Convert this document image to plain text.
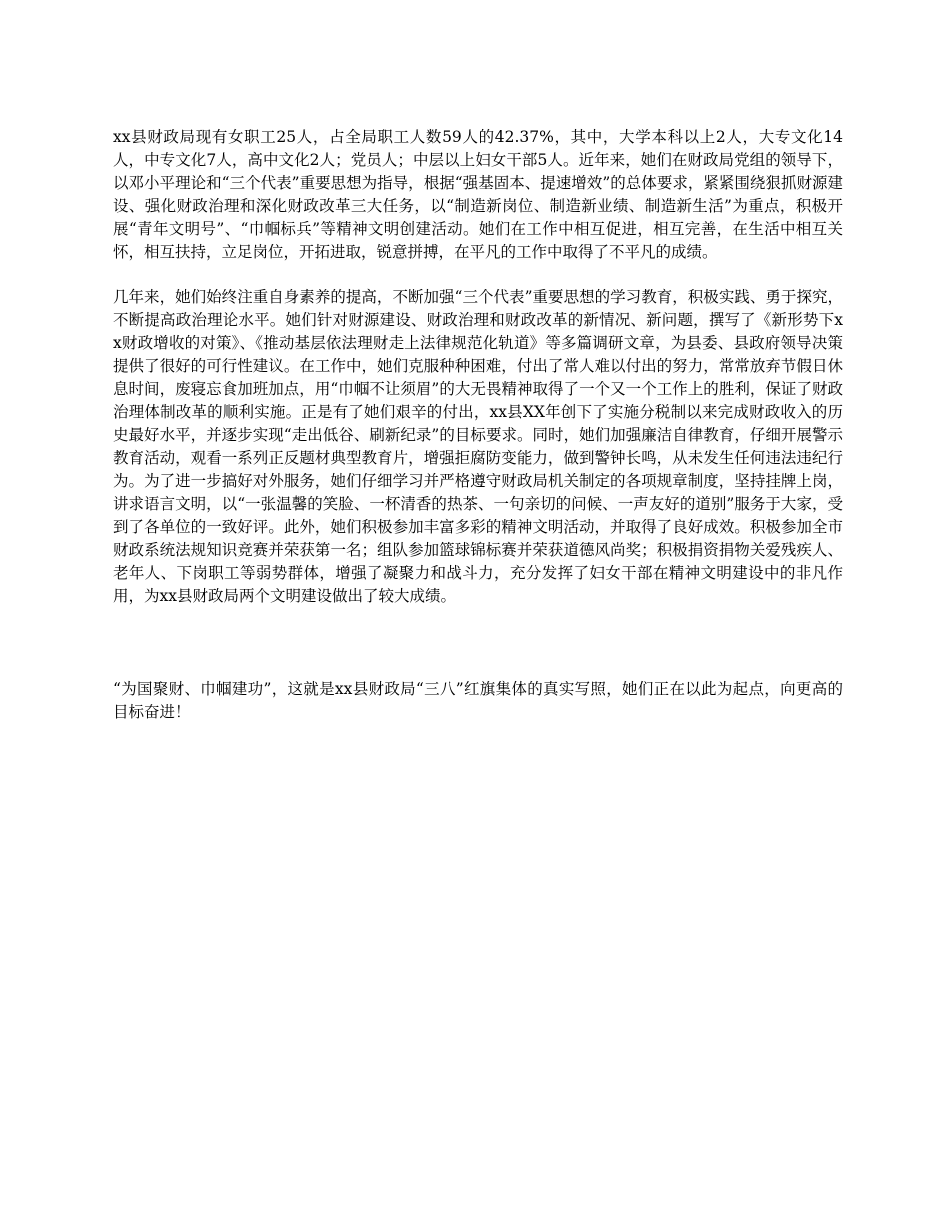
xx县财政局现有女职工25人，占全局职工人数59人的42.37%，其中，大学本科以上2人，大专文化14人，中专文化7人，高中文化2人；党员人；中层以上妇女干部5人。近年来，她们在财政局党组的领导下，以邓小平理论和“三个代表”重要思想为指导，根据“强基固本、提速增效”的总体要求，紧紧围绕狠抓财源建设、强化财政治理和深化财政改革三大任务，以“制造新岗位、制造新业绩、制造新生活”为重点，积极开展“青年文明号”、“巾帼标兵”等精神文明创建活动。她们在工作中相互促进，相互完善，在生活中相互关怀，相互扶持，立足岗位，开拓进取，锐意拼搏，在平凡的工作中取得了不平凡的成绩。

几年来，她们始终注重自身素养的提高，不断加强“三个代表”重要思想的学习教育，积极实践、勇于探究，不断提高政治理论水平。她们针对财源建设、财政治理和财政改革的新情况、新问题，撰写了《新形势下xx财政增收的对策》、《推动基层依法理财走上法律规范化轨道》等多篇调研文章，为县委、县政府领导决策提供了很好的可行性建议。在工作中，她们克服种种困难，付出了常人难以付出的努力，常常放弃节假日休息时间，废寝忘食加班加点，用“巾帼不让须眉”的大无畏精神取得了一个又一个工作上的胜利，保证了财政治理体制改革的顺利实施。正是有了她们艰辛的付出，xx县XX年创下了实施分税制以来完成财政收入的历史最好水平，并逐步实现“走出低谷、刷新纪录”的目标要求。同时，她们加强廉洁自律教育，仔细开展警示教育活动，观看一系列正反题材典型教育片，增强拒腐防变能力，做到警钟长鸣，从未发生任何违法违纪行为。为了进一步搞好对外服务，她们仔细学习并严格遵守财政局机关制定的各项规章制度，坚持挂牌上岗，讲求语言文明，以“一张温馨的笑脸、一杯清香的热茶、一句亲切的问候、一声友好的道别”服务于大家，受到了各单位的一致好评。此外，她们积极参加丰富多彩的精神文明活动，并取得了良好成效。积极参加全市财政系统法规知识竞赛并荣获第一名；组队参加篮球锦标赛并荣获道德风尚奖；积极捐资捐物关爱残疾人、老年人、下岗职工等弱势群体，增强了凝聚力和战斗力，充分发挥了妇女干部在精神文明建设中的非凡作用，为xx县财政局两个文明建设做出了较大成绩。

“为国聚财、巾帼建功”，这就是xx县财政局“三八”红旗集体的真实写照，她们正在以此为起点，向更高的目标奋进！
